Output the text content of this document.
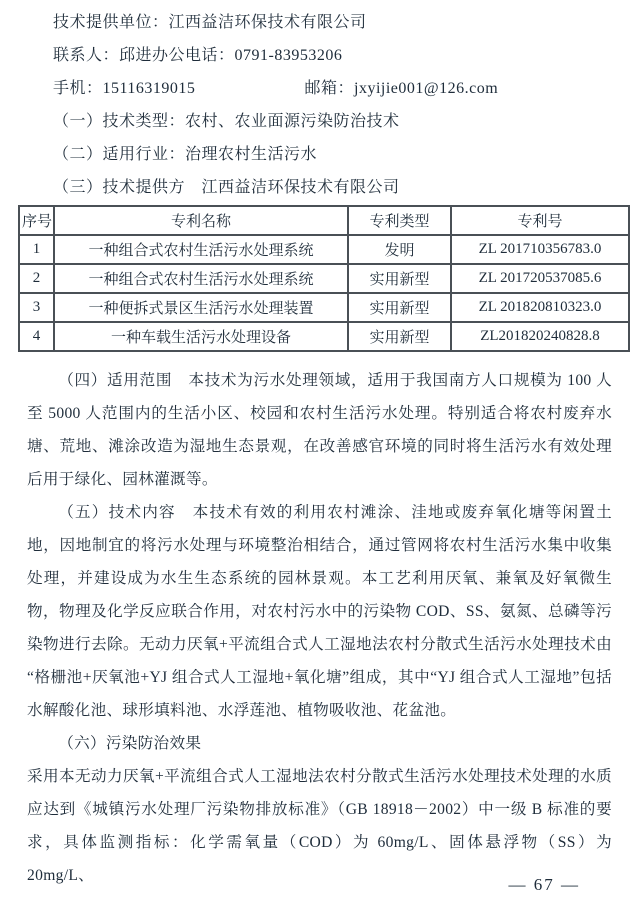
技术提供单位：江西益洁环保技术有限公司
联系人：邱进办公电话：0791-83953206
手机：15116319015	邮箱：jxyijie001@126.com
（一）技术类型：农村、农业面源污染防治技术
（二）适用行业：治理农村生活污水
（三）技术提供方　江西益洁环保技术有限公司
序号	专利名称	专利类型	专利号
1	一种组合式农村生活污水处理系统	发明	ZL 201710356783.0
2	一种组合式农村生活污水处理系统	实用新型	ZL 201720537085.6
3	一种便拆式景区生活污水处理装置	实用新型	ZL 201820810323.0
4	一种车载生活污水处理设备	实用新型	ZL201820240828.8

（四）适用范围　本技术为污水处理领域，适用于我国南方人口规模为 100 人至 5000 人范围内的生活小区、校园和农村生活污水处理。特别适合将农村废弃水塘、荒地、滩涂改造为湿地生态景观，在改善感官环境的同时将生活污水有效处理后用于绿化、园林灌溉等。

（五）技术内容　本技术有效的利用农村滩涂、洼地或废弃氧化塘等闲置土地，因地制宜的将污水处理与环境整治相结合，通过管网将农村生活污水集中收集处理，并建设成为水生生态系统的园林景观。本工艺利用厌氧、兼氧及好氧微生物，物理及化学反应联合作用，对农村污水中的污染物 COD、SS、氨氮、总磷等污染物进行去除。无动力厌氧+平流组合式人工湿地法农村分散式生活污水处理技术由“格栅池+厌氧池+YJ 组合式人工湿地+氧化塘”组成，其中“YJ 组合式人工湿地”包括水解酸化池、球形填料池、水浮莲池、植物吸收池、花盆池。

（六）污染防治效果

采用本无动力厌氧+平流组合式人工湿地法农村分散式生活污水处理技术处理的水质应达到《城镇污水处理厂污染物排放标准》（GB 18918－2002）中一级 B 标准的要求，具体监测指标：化学需氧量（COD）为 60mg/L、固体悬浮物（SS）为 20mg/L、	— 67 —
